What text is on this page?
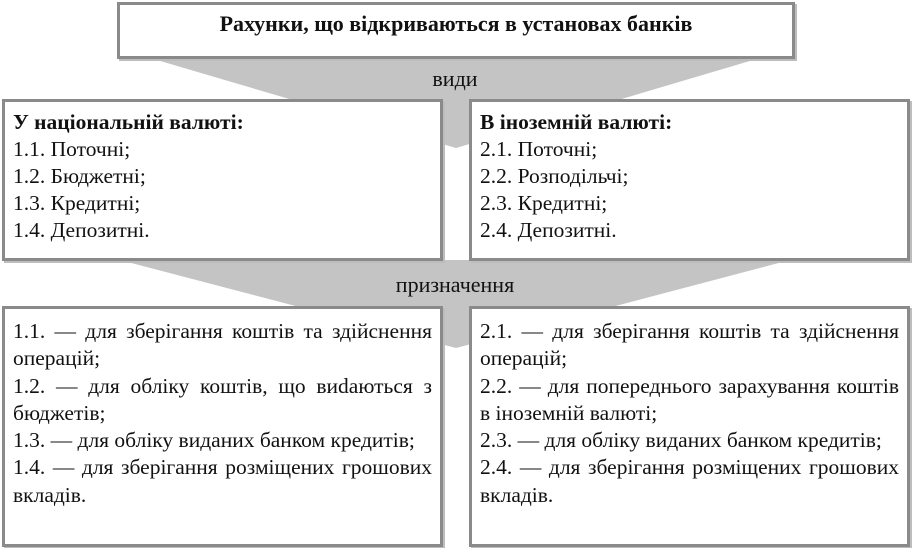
Рахунки, що відкриваються в установах банків
види
призначення
У національній валюті:
1.1. Поточні;
1.2. Бюджетні;
1.3. Кредитні;
1.4. Депозитні.
В іноземній валюті:
2.1. Поточні;
2.2. Розподільчі;
2.3. Кредитні;
2.4. Депозитні.
1.1. — для зберігання коштів та здійснення операцій;
1.2. — для обліку коштів, що виdаються з бюджетів;
1.3. — для обліку виданих банком кредитів;
1.4. — для зберігання розміщених грошових вкладів.
2.1. — для зберігання коштів та здійснення операцій;
2.2. — для попереднього зарахування коштів в іноземній валюті;
2.3. — для обліку виданих банком кредитів;
2.4. — для зберігання розміщених грошових вкладів.
